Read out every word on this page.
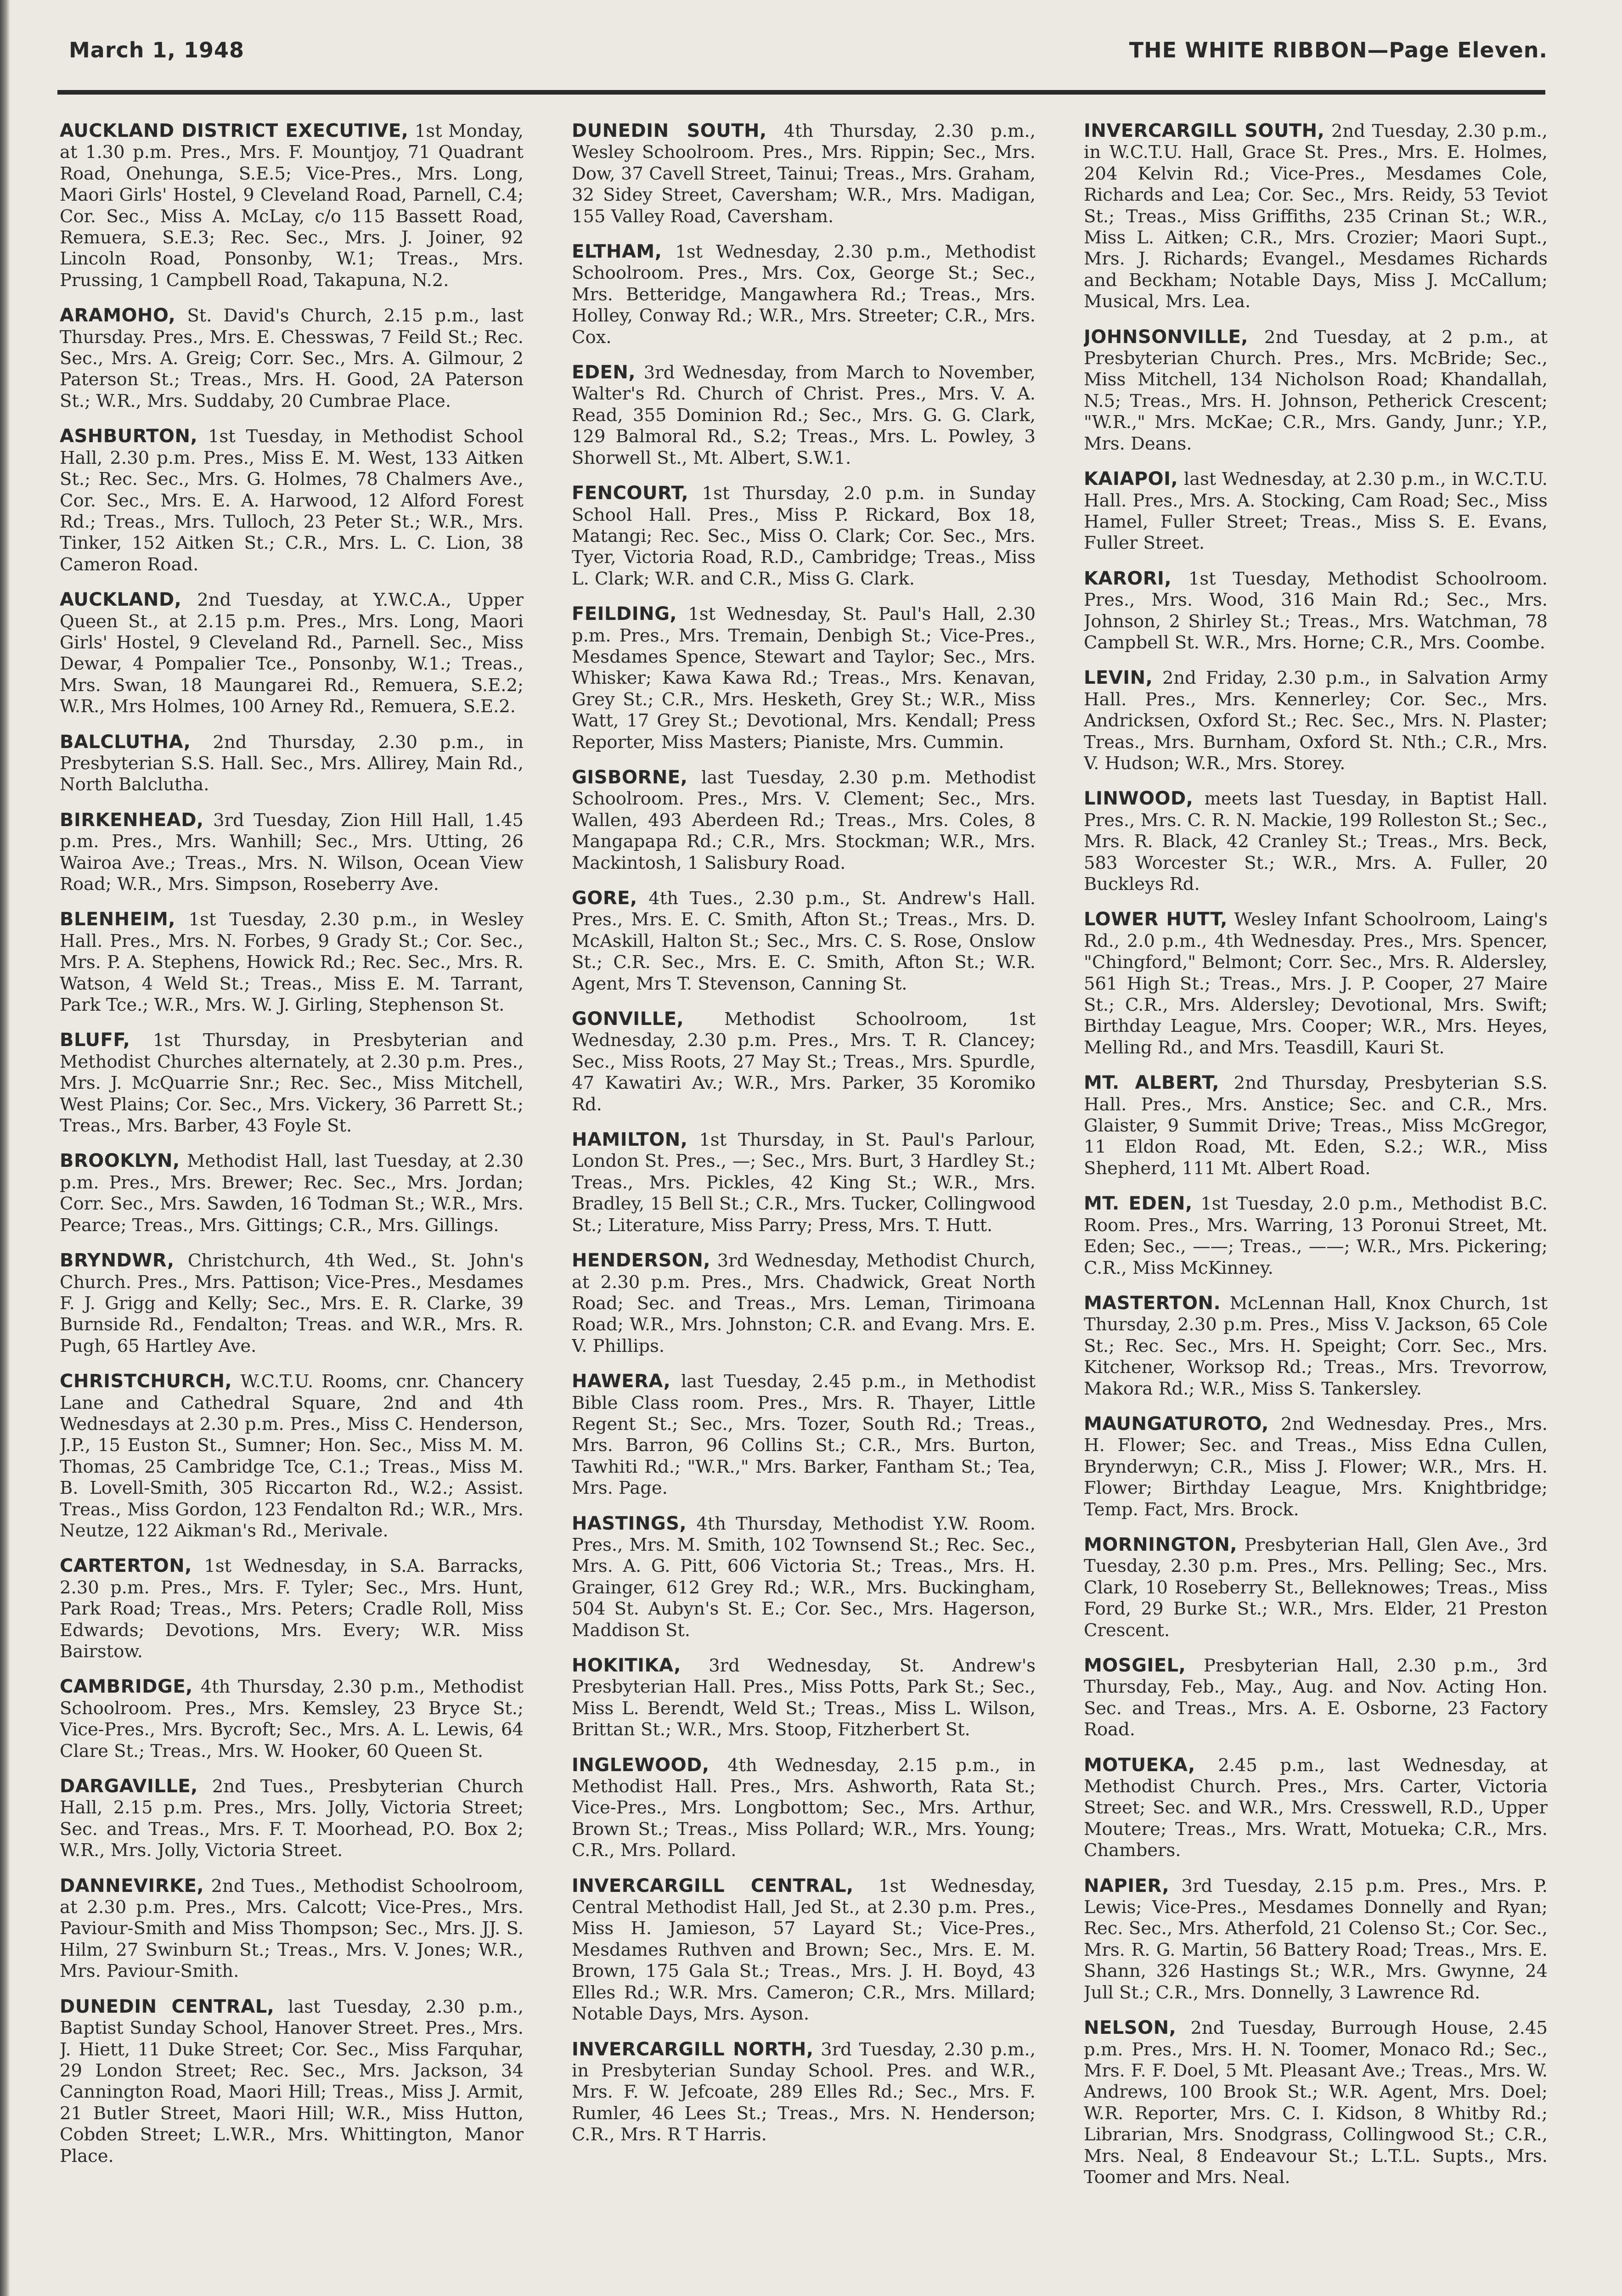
March 1, 1948	THE WHITE RIBBON—Page Eleven.

AUCKLAND DISTRICT EXECUTIVE, 1st Monday, at 1.30 p.m. Pres., Mrs. F. Mountjoy, 71 Quadrant Road, Onehunga, S.E.5; Vice-Pres., Mrs. Long, Maori Girls' Hostel, 9 Cleveland Road, Parnell, C.4; Cor. Sec., Miss A. McLay, c/o 115 Bassett Road, Remuera, S.E.3; Rec. Sec., Mrs. J. Joiner, 92 Lincoln Road, Ponsonby, W.1; Treas., Mrs. Prussing, 1 Campbell Road, Takapuna, N.2.

ARAMOHO, St. David's Church, 2.15 p.m., last Thursday. Pres., Mrs. E. Chesswas, 7 Feild St.; Rec. Sec., Mrs. A. Greig; Corr. Sec., Mrs. A. Gilmour, 2 Paterson St.; Treas., Mrs. H. Good, 2A Paterson St.; W.R., Mrs. Suddaby, 20 Cumbrae Place.

ASHBURTON, 1st Tuesday, in Methodist School Hall, 2.30 p.m. Pres., Miss E. M. West, 133 Aitken St.; Rec. Sec., Mrs. G. Holmes, 78 Chalmers Ave., Cor. Sec., Mrs. E. A. Harwood, 12 Alford Forest Rd.; Treas., Mrs. Tulloch, 23 Peter St.; W.R., Mrs. Tinker, 152 Aitken St.; C.R., Mrs. L. C. Lion, 38 Cameron Road.

AUCKLAND, 2nd Tuesday, at Y.W.C.A., Upper Queen St., at 2.15 p.m. Pres., Mrs. Long, Maori Girls' Hostel, 9 Cleveland Rd., Parnell. Sec., Miss Dewar, 4 Pompalier Tce., Ponsonby, W.1.; Treas., Mrs. Swan, 18 Maungarei Rd., Remuera, S.E.2; W.R., Mrs Holmes, 100 Arney Rd., Remuera, S.E.2.

BALCLUTHA, 2nd Thursday, 2.30 p.m., in Presbyterian S.S. Hall. Sec., Mrs. Allirey, Main Rd., North Balclutha.

BIRKENHEAD, 3rd Tuesday, Zion Hill Hall, 1.45 p.m. Pres., Mrs. Wanhill; Sec., Mrs. Utting, 26 Wairoa Ave.; Treas., Mrs. N. Wilson, Ocean View Road; W.R., Mrs. Simpson, Roseberry Ave.

BLENHEIM, 1st Tuesday, 2.30 p.m., in Wesley Hall. Pres., Mrs. N. Forbes, 9 Grady St.; Cor. Sec., Mrs. P. A. Stephens, Howick Rd.; Rec. Sec., Mrs. R. Watson, 4 Weld St.; Treas., Miss E. M. Tarrant, Park Tce.; W.R., Mrs. W. J. Girling, Stephenson St.

BLUFF, 1st Thursday, in Presbyterian and Methodist Churches alternately, at 2.30 p.m. Pres., Mrs. J. McQuarrie Snr.; Rec. Sec., Miss Mitchell, West Plains; Cor. Sec., Mrs. Vickery, 36 Parrett St.; Treas., Mrs. Barber, 43 Foyle St.

BROOKLYN, Methodist Hall, last Tuesday, at 2.30 p.m. Pres., Mrs. Brewer; Rec. Sec., Mrs. Jordan; Corr. Sec., Mrs. Sawden, 16 Todman St.; W.R., Mrs. Pearce; Treas., Mrs. Gittings; C.R., Mrs. Gillings.

BRYNDWR, Christchurch, 4th Wed., St. John's Church. Pres., Mrs. Pattison; Vice-Pres., Mesdames F. J. Grigg and Kelly; Sec., Mrs. E. R. Clarke, 39 Burnside Rd., Fendalton; Treas. and W.R., Mrs. R. Pugh, 65 Hartley Ave.

CHRISTCHURCH, W.C.T.U. Rooms, cnr. Chancery Lane and Cathedral Square, 2nd and 4th Wednesdays at 2.30 p.m. Pres., Miss C. Henderson, J.P., 15 Euston St., Sumner; Hon. Sec., Miss M. M. Thomas, 25 Cambridge Tce, C.1.; Treas., Miss M. B. Lovell-Smith, 305 Riccarton Rd., W.2.; Assist. Treas., Miss Gordon, 123 Fendalton Rd.; W.R., Mrs. Neutze, 122 Aikman's Rd., Merivale.

CARTERTON, 1st Wednesday, in S.A. Barracks, 2.30 p.m. Pres., Mrs. F. Tyler; Sec., Mrs. Hunt, Park Road; Treas., Mrs. Peters; Cradle Roll, Miss Edwards; Devotions, Mrs. Every; W.R. Miss Bairstow.

CAMBRIDGE, 4th Thursday, 2.30 p.m., Methodist Schoolroom. Pres., Mrs. Kemsley, 23 Bryce St.; Vice-Pres., Mrs. Bycroft; Sec., Mrs. A. L. Lewis, 64 Clare St.; Treas., Mrs. W. Hooker, 60 Queen St.

DARGAVILLE, 2nd Tues., Presbyterian Church Hall, 2.15 p.m. Pres., Mrs. Jolly, Victoria Street; Sec. and Treas., Mrs. F. T. Moorhead, P.O. Box 2; W.R., Mrs. Jolly, Victoria Street.

DANNEVIRKE, 2nd Tues., Methodist Schoolroom, at 2.30 p.m. Pres., Mrs. Calcott; Vice-Pres., Mrs. Paviour-Smith and Miss Thompson; Sec., Mrs. JJ. S. Hilm, 27 Swinburn St.; Treas., Mrs. V. Jones; W.R., Mrs. Paviour-Smith.

DUNEDIN CENTRAL, last Tuesday, 2.30 p.m., Baptist Sunday School, Hanover Street. Pres., Mrs. J. Hiett, 11 Duke Street; Cor. Sec., Miss Farquhar, 29 London Street; Rec. Sec., Mrs. Jackson, 34 Cannington Road, Maori Hill; Treas., Miss J. Armit, 21 Butler Street, Maori Hill; W.R., Miss Hutton, Cobden Street; L.W.R., Mrs. Whittington, Manor Place.

DUNEDIN SOUTH, 4th Thursday, 2.30 p.m., Wesley Schoolroom. Pres., Mrs. Rippin; Sec., Mrs. Dow, 37 Cavell Street, Tainui; Treas., Mrs. Graham, 32 Sidey Street, Caversham; W.R., Mrs. Madigan, 155 Valley Road, Caversham.

ELTHAM, 1st Wednesday, 2.30 p.m., Methodist Schoolroom. Pres., Mrs. Cox, George St.; Sec., Mrs. Betteridge, Mangawhera Rd.; Treas., Mrs. Holley, Conway Rd.; W.R., Mrs. Streeter; C.R., Mrs. Cox.

EDEN, 3rd Wednesday, from March to November, Walter's Rd. Church of Christ. Pres., Mrs. V. A. Read, 355 Dominion Rd.; Sec., Mrs. G. G. Clark, 129 Balmoral Rd., S.2; Treas., Mrs. L. Powley, 3 Shorwell St., Mt. Albert, S.W.1.

FENCOURT, 1st Thursday, 2.0 p.m. in Sunday School Hall. Pres., Miss P. Rickard, Box 18, Matangi; Rec. Sec., Miss O. Clark; Cor. Sec., Mrs. Tyer, Victoria Road, R.D., Cambridge; Treas., Miss L. Clark; W.R. and C.R., Miss G. Clark.

FEILDING, 1st Wednesday, St. Paul's Hall, 2.30 p.m. Pres., Mrs. Tremain, Denbigh St.; Vice-Pres., Mesdames Spence, Stewart and Taylor; Sec., Mrs. Whisker; Kawa Kawa Rd.; Treas., Mrs. Kenavan, Grey St.; C.R., Mrs. Hesketh, Grey St.; W.R., Miss Watt, 17 Grey St.; Devotional, Mrs. Kendall; Press Reporter, Miss Masters; Pianiste, Mrs. Cummin.

GISBORNE, last Tuesday, 2.30 p.m. Methodist Schoolroom. Pres., Mrs. V. Clement; Sec., Mrs. Wallen, 493 Aberdeen Rd.; Treas., Mrs. Coles, 8 Mangapapa Rd.; C.R., Mrs. Stockman; W.R., Mrs. Mackintosh, 1 Salisbury Road.

GORE, 4th Tues., 2.30 p.m., St. Andrew's Hall. Pres., Mrs. E. C. Smith, Afton St.; Treas., Mrs. D. McAskill, Halton St.; Sec., Mrs. C. S. Rose, Onslow St.; C.R. Sec., Mrs. E. C. Smith, Afton St.; W.R. Agent, Mrs T. Stevenson, Canning St.

GONVILLE, Methodist Schoolroom, 1st Wednesday, 2.30 p.m. Pres., Mrs. T. R. Clancey; Sec., Miss Roots, 27 May St.; Treas., Mrs. Spurdle, 47 Kawatiri Av.; W.R., Mrs. Parker, 35 Koromiko Rd.

HAMILTON, 1st Thursday, in St. Paul's Parlour, London St. Pres., —; Sec., Mrs. Burt, 3 Hardley St.; Treas., Mrs. Pickles, 42 King St.; W.R., Mrs. Bradley, 15 Bell St.; C.R., Mrs. Tucker, Collingwood St.; Literature, Miss Parry; Press, Mrs. T. Hutt.

HENDERSON, 3rd Wednesday, Methodist Church, at 2.30 p.m. Pres., Mrs. Chadwick, Great North Road; Sec. and Treas., Mrs. Leman, Tirimoana Road; W.R., Mrs. Johnston; C.R. and Evang. Mrs. E. V. Phillips.

HAWERA, last Tuesday, 2.45 p.m., in Methodist Bible Class room. Pres., Mrs. R. Thayer, Little Regent St.; Sec., Mrs. Tozer, South Rd.; Treas., Mrs. Barron, 96 Collins St.; C.R., Mrs. Burton, Tawhiti Rd.; "W.R.," Mrs. Barker, Fantham St.; Tea, Mrs. Page.

HASTINGS, 4th Thursday, Methodist Y.W. Room. Pres., Mrs. M. Smith, 102 Townsend St.; Rec. Sec., Mrs. A. G. Pitt, 606 Victoria St.; Treas., Mrs. H. Grainger, 612 Grey Rd.; W.R., Mrs. Buckingham, 504 St. Aubyn's St. E.; Cor. Sec., Mrs. Hagerson, Maddison St.

HOKITIKA, 3rd Wednesday, St. Andrew's Presbyterian Hall. Pres., Miss Potts, Park St.; Sec., Miss L. Berendt, Weld St.; Treas., Miss L. Wilson, Brittan St.; W.R., Mrs. Stoop, Fitzherbert St.

INGLEWOOD, 4th Wednesday, 2.15 p.m., in Methodist Hall. Pres., Mrs. Ashworth, Rata St.; Vice-Pres., Mrs. Longbottom; Sec., Mrs. Arthur, Brown St.; Treas., Miss Pollard; W.R., Mrs. Young; C.R., Mrs. Pollard.

INVERCARGILL CENTRAL, 1st Wednesday, Central Methodist Hall, Jed St., at 2.30 p.m. Pres., Miss H. Jamieson, 57 Layard St.; Vice-Pres., Mesdames Ruthven and Brown; Sec., Mrs. E. M. Brown, 175 Gala St.; Treas., Mrs. J. H. Boyd, 43 Elles Rd.; W.R. Mrs. Cameron; C.R., Mrs. Millard; Notable Days, Mrs. Ayson.

INVERCARGILL NORTH, 3rd Tuesday, 2.30 p.m., in Presbyterian Sunday School. Pres. and W.R., Mrs. F. W. Jefcoate, 289 Elles Rd.; Sec., Mrs. F. Rumler, 46 Lees St.; Treas., Mrs. N. Henderson; C.R., Mrs. R T Harris.

INVERCARGILL SOUTH, 2nd Tuesday, 2.30 p.m., in W.C.T.U. Hall, Grace St. Pres., Mrs. E. Holmes, 204 Kelvin Rd.; Vice-Pres., Mesdames Cole, Richards and Lea; Cor. Sec., Mrs. Reidy, 53 Teviot St.; Treas., Miss Griffiths, 235 Crinan St.; W.R., Miss L. Aitken; C.R., Mrs. Crozier; Maori Supt., Mrs. J. Richards; Evangel., Mesdames Richards and Beckham; Notable Days, Miss J. McCallum; Musical, Mrs. Lea.

JOHNSONVILLE, 2nd Tuesday, at 2 p.m., at Presbyterian Church. Pres., Mrs. McBride; Sec., Miss Mitchell, 134 Nicholson Road; Khandallah, N.5; Treas., Mrs. H. Johnson, Petherick Crescent; "W.R.," Mrs. McKae; C.R., Mrs. Gandy, Junr.; Y.P., Mrs. Deans.

KAIAPOI, last Wednesday, at 2.30 p.m., in W.C.T.U. Hall. Pres., Mrs. A. Stocking, Cam Road; Sec., Miss Hamel, Fuller Street; Treas., Miss S. E. Evans, Fuller Street.

KARORI, 1st Tuesday, Methodist Schoolroom. Pres., Mrs. Wood, 316 Main Rd.; Sec., Mrs. Johnson, 2 Shirley St.; Treas., Mrs. Watchman, 78 Campbell St. W.R., Mrs. Horne; C.R., Mrs. Coombe.

LEVIN, 2nd Friday, 2.30 p.m., in Salvation Army Hall. Pres., Mrs. Kennerley; Cor. Sec., Mrs. Andricksen, Oxford St.; Rec. Sec., Mrs. N. Plaster; Treas., Mrs. Burnham, Oxford St. Nth.; C.R., Mrs. V. Hudson; W.R., Mrs. Storey.

LINWOOD, meets last Tuesday, in Baptist Hall. Pres., Mrs. C. R. N. Mackie, 199 Rolleston St.; Sec., Mrs. R. Black, 42 Cranley St.; Treas., Mrs. Beck, 583 Worcester St.; W.R., Mrs. A. Fuller, 20 Buckleys Rd.

LOWER HUTT, Wesley Infant Schoolroom, Laing's Rd., 2.0 p.m., 4th Wednesday. Pres., Mrs. Spencer, "Chingford," Belmont; Corr. Sec., Mrs. R. Aldersley, 561 High St.; Treas., Mrs. J. P. Cooper, 27 Maire St.; C.R., Mrs. Aldersley; Devotional, Mrs. Swift; Birthday League, Mrs. Cooper; W.R., Mrs. Heyes, Melling Rd., and Mrs. Teasdill, Kauri St.

MT. ALBERT, 2nd Thursday, Presbyterian S.S. Hall. Pres., Mrs. Anstice; Sec. and C.R., Mrs. Glaister, 9 Summit Drive; Treas., Miss McGregor, 11 Eldon Road, Mt. Eden, S.2.; W.R., Miss Shepherd, 111 Mt. Albert Road.

MT. EDEN, 1st Tuesday, 2.0 p.m., Methodist B.C. Room. Pres., Mrs. Warring, 13 Poronui Street, Mt. Eden; Sec., ——; Treas., ——; W.R., Mrs. Pickering; C.R., Miss McKinney.

MASTERTON. McLennan Hall, Knox Church, 1st Thursday, 2.30 p.m. Pres., Miss V. Jackson, 65 Cole St.; Rec. Sec., Mrs. H. Speight; Corr. Sec., Mrs. Kitchener, Worksop Rd.; Treas., Mrs. Trevorrow, Makora Rd.; W.R., Miss S. Tankersley.

MAUNGATUROTO, 2nd Wednesday. Pres., Mrs. H. Flower; Sec. and Treas., Miss Edna Cullen, Brynderwyn; C.R., Miss J. Flower; W.R., Mrs. H. Flower; Birthday League, Mrs. Knightbridge; Temp. Fact, Mrs. Brock.

MORNINGTON, Presbyterian Hall, Glen Ave., 3rd Tuesday, 2.30 p.m. Pres., Mrs. Pelling; Sec., Mrs. Clark, 10 Roseberry St., Belleknowes; Treas., Miss Ford, 29 Burke St.; W.R., Mrs. Elder, 21 Preston Crescent.

MOSGIEL, Presbyterian Hall, 2.30 p.m., 3rd Thursday, Feb., May., Aug. and Nov. Acting Hon. Sec. and Treas., Mrs. A. E. Osborne, 23 Factory Road.

MOTUEKA, 2.45 p.m., last Wednesday, at Methodist Church. Pres., Mrs. Carter, Victoria Street; Sec. and W.R., Mrs. Cresswell, R.D., Upper Moutere; Treas., Mrs. Wratt, Motueka; C.R., Mrs. Chambers.

NAPIER, 3rd Tuesday, 2.15 p.m. Pres., Mrs. P. Lewis; Vice-Pres., Mesdames Donnelly and Ryan; Rec. Sec., Mrs. Atherfold, 21 Colenso St.; Cor. Sec., Mrs. R. G. Martin, 56 Battery Road; Treas., Mrs. E. Shann, 326 Hastings St.; W.R., Mrs. Gwynne, 24 Jull St.; C.R., Mrs. Donnelly, 3 Lawrence Rd.

NELSON, 2nd Tuesday, Burrough House, 2.45 p.m. Pres., Mrs. H. N. Toomer, Monaco Rd.; Sec., Mrs. F. F. Doel, 5 Mt. Pleasant Ave.; Treas., Mrs. W. Andrews, 100 Brook St.; W.R. Agent, Mrs. Doel; W.R. Reporter, Mrs. C. I. Kidson, 8 Whitby Rd.; Librarian, Mrs. Snodgrass, Collingwood St.; C.R., Mrs. Neal, 8 Endeavour St.; L.T.L. Supts., Mrs. Toomer and Mrs. Neal.
